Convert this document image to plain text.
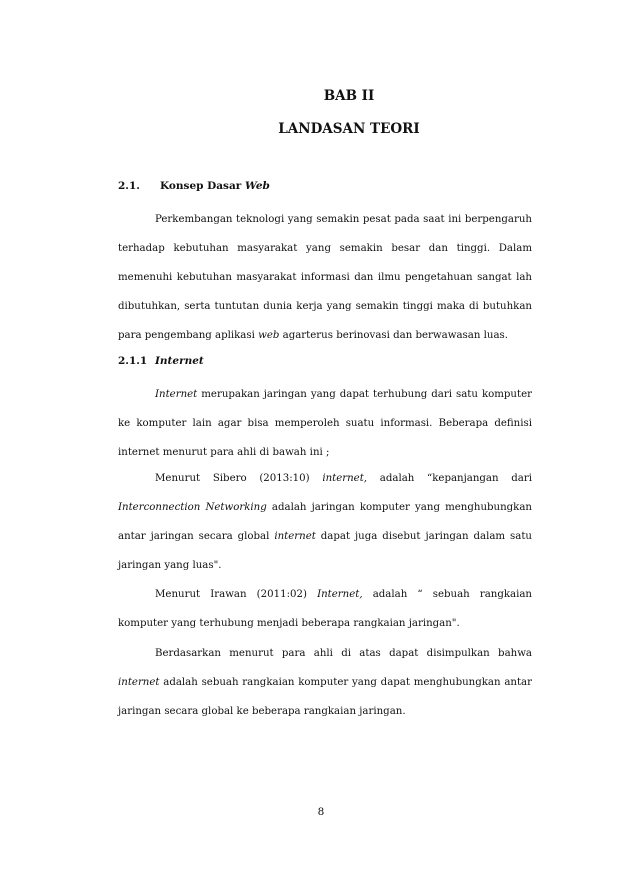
BAB II
LANDASAN TEORI
2.1. Konsep Dasar Web

Perkembangan teknologi yang semakin pesat pada saat ini berpengaruh terhadap kebutuhan masyarakat yang semakin besar dan tinggi. Dalam memenuhi kebutuhan masyarakat informasi dan ilmu pengetahuan sangat lah dibutuhkan, serta tuntutan dunia kerja yang semakin tinggi maka di butuhkan para pengembang aplikasi web agarterus berinovasi dan berwawasan luas.

2.1.1 Internet

Internet merupakan jaringan yang dapat terhubung dari satu komputer ke komputer lain agar bisa memperoleh suatu informasi. Beberapa definisi internet menurut para ahli di bawah ini ;

Menurut Sibero (2013:10) internet, adalah “kepanjangan dari Interconnection Networking adalah jaringan komputer yang menghubungkan antar jaringan secara global internet dapat juga disebut jaringan dalam satu jaringan yang luas".

Menurut Irawan (2011:02) Internet, adalah “ sebuah rangkaian komputer yang terhubung menjadi beberapa rangkaian jaringan".

Berdasarkan menurut para ahli di atas dapat disimpulkan bahwa internet adalah sebuah rangkaian komputer yang dapat menghubungkan antar jaringan secara global ke beberapa rangkaian jaringan.

8
